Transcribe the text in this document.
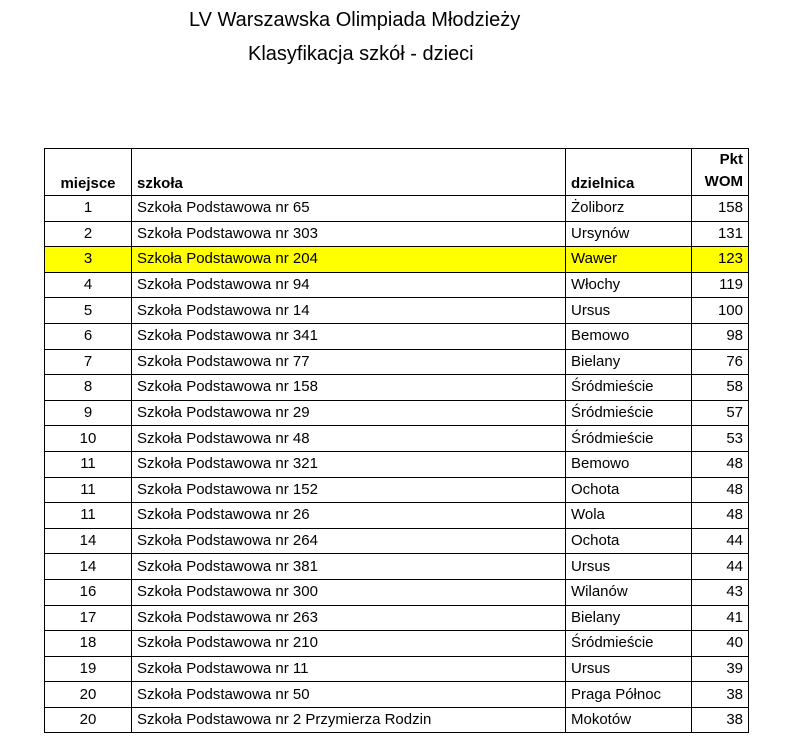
LV Warszawska Olimpiada Młodzieży
Klasyfikacja szkół - dzieci
miejsce	szkoła	dzielnica	Pkt
WOM
1	Szkoła Podstawowa nr 65	Żoliborz	158
2	Szkoła Podstawowa nr 303	Ursynów	131
3	Szkoła Podstawowa nr 204	Wawer	123
4	Szkoła Podstawowa nr 94	Włochy	119
5	Szkoła Podstawowa nr 14	Ursus	100
6	Szkoła Podstawowa nr 341	Bemowo	98
7	Szkoła Podstawowa nr 77	Bielany	76
8	Szkoła Podstawowa nr 158	Śródmieście	58
9	Szkoła Podstawowa nr 29	Śródmieście	57
10	Szkoła Podstawowa nr 48	Śródmieście	53
11	Szkoła Podstawowa nr 321	Bemowo	48
11	Szkoła Podstawowa nr 152	Ochota	48
11	Szkoła Podstawowa nr 26	Wola	48
14	Szkoła Podstawowa nr 264	Ochota	44
14	Szkoła Podstawowa nr 381	Ursus	44
16	Szkoła Podstawowa nr 300	Wilanów	43
17	Szkoła Podstawowa nr 263	Bielany	41
18	Szkoła Podstawowa nr 210	Śródmieście	40
19	Szkoła Podstawowa nr 11	Ursus	39
20	Szkoła Podstawowa nr 50	Praga Północ	38
20	Szkoła Podstawowa nr 2 Przymierza Rodzin	Mokotów	38
